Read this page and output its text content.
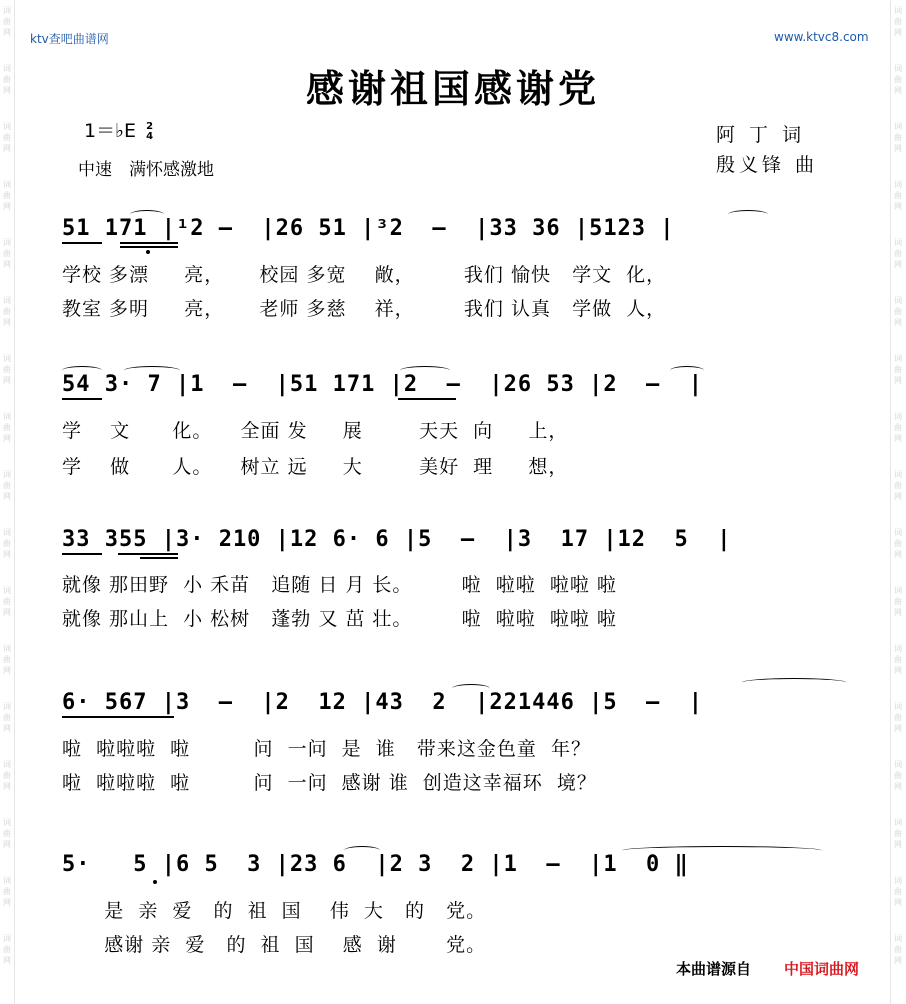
词
曲
网
词
曲
网
词
曲
网
词
曲
网
词
曲
网
词
曲
网
词
曲
网
词
曲
网
词
曲
网
词
曲
网
词
曲
网
词
曲
网
词
曲
网
词
曲
网
词
曲
网
词
曲
网
词
曲
网
词
曲
网
词
曲
网
词
曲
网
词
曲
网
词
曲
网
词
曲
网
词
曲
网
词
曲
网
词
曲
网
词
曲
网
词
曲
网
词
曲
网
词
曲
网
词
曲
网
词
曲
网
词
曲
网
词
曲
网
ktv查吧曲谱网	www.ktvc8.com
感谢祖国感谢党
1＝♭E 2
4
中速　满怀感激地
阿 丁 词
殷义锋 曲
51 171 |¹2 –  |26 51 |³2  –  |33 36 |5123 |
学校 多漂     亮，     校园 多宽    敞，       我们 愉快   学文  化，
教室 多明     亮，     老师 多慈    祥，       我们 认真   学做  人，
54 3· 7 |1  –  |51 171 |2  –  |26 53 |2  –  |
学    文      化。    全面 发     展        天天  向     上，
学    做      人。    树立 远     大        美好  理     想，
33 355 |3· 210 |12 6· 6 |5  –  |3  17 |12  5  |
就像 那田野  小 禾苗   追随 日 月 长。       啦  啦啦  啦啦 啦
就像 那山上  小 松树   蓬勃 又 茁 壮。       啦  啦啦  啦啦 啦
6· 567 |3  –  |2  12 |43  2  |221446 |5  –  |
啦  啦啦啦  啦         问  一问  是  谁   带来这金色童  年？
啦  啦啦啦  啦         问  一问  感谢 谁  创造这幸福环  境？
5·   5 |6 5  3 |23 6  |2 3  2 |1  –  |1  0 ‖
是  亲  爱   的  祖  国    伟  大   的   党。
感谢 亲  爱   的  祖  国    感  谢       党。
本曲谱源自 中国词曲网
